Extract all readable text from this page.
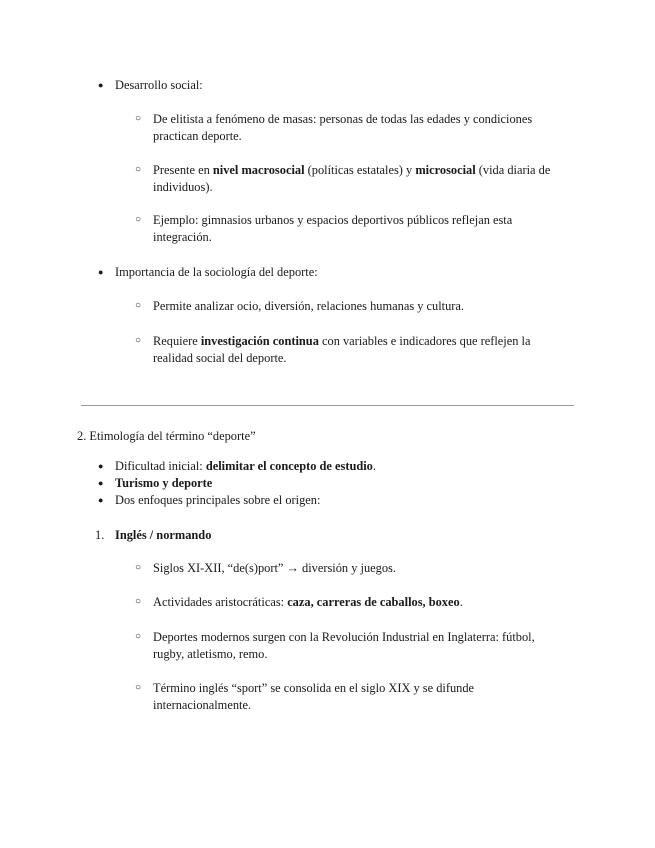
● Desarrollo social:
○ De elitista a fenómeno de masas: personas de todas las edades y condiciones practican deporte.
○ Presente en nivel macrosocial (políticas estatales) y microsocial (vida diaria de individuos).
○ Ejemplo: gimnasios urbanos y espacios deportivos públicos reflejan esta integración.
● Importancia de la sociología del deporte:
○ Permite analizar ocio, diversión, relaciones humanas y cultura.
○ Requiere investigación continua con variables e indicadores que reflejen la realidad social del deporte.
2. Etimología del término “deporte”
● Dificultad inicial: delimitar el concepto de estudio.
● Turismo y deporte
● Dos enfoques principales sobre el origen:
1. Inglés / normando
○ Siglos XI-XII, “de(s)port” → diversión y juegos.
○ Actividades aristocráticas: caza, carreras de caballos, boxeo.
○ Deportes modernos surgen con la Revolución Industrial en Inglaterra: fútbol, rugby, atletismo, remo.
○ Término inglés “sport” se consolida en el siglo XIX y se difunde internacionalmente.
